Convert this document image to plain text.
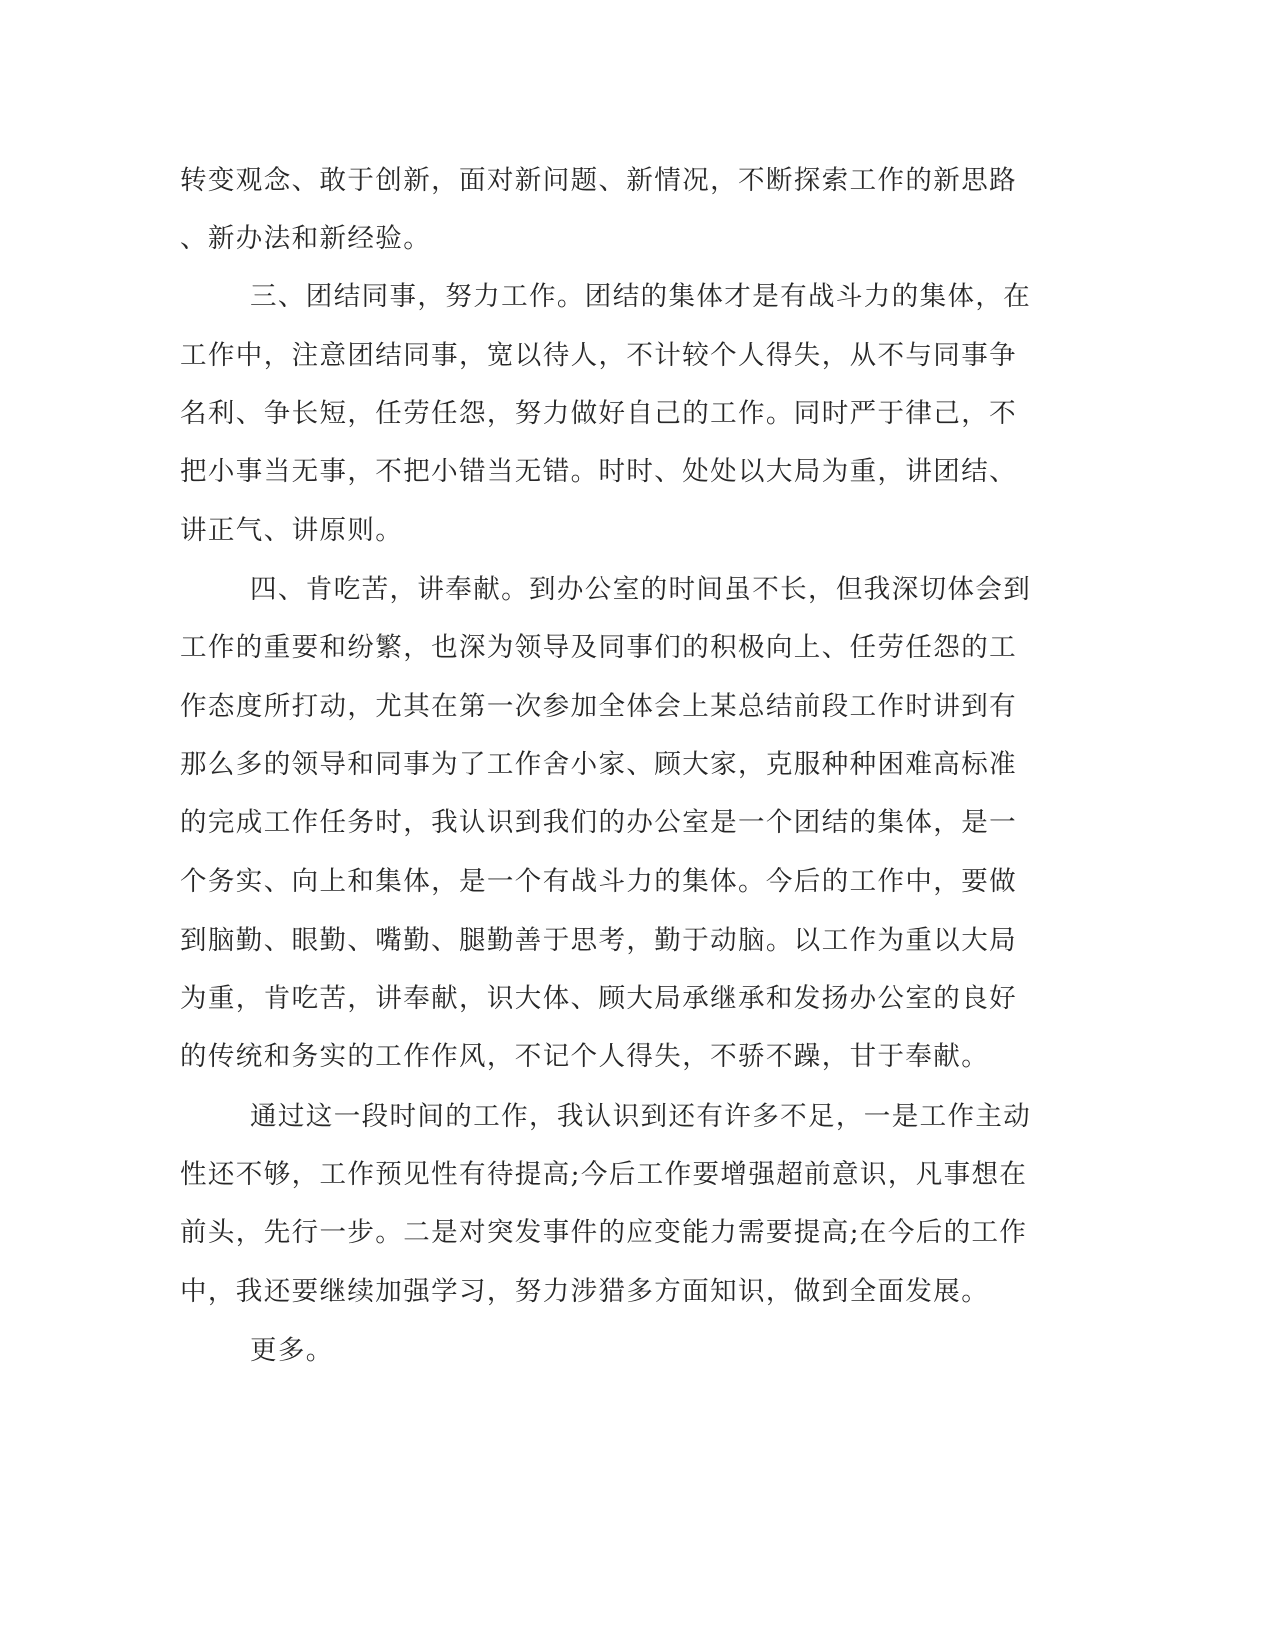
转变观念、敢于创新，面对新问题、新情况，不断探索工作的新思路

、新办法和新经验。

三、团结同事，努力工作。团结的集体才是有战斗力的集体，在

工作中，注意团结同事，宽以待人，不计较个人得失，从不与同事争

名利、争长短，任劳任怨，努力做好自己的工作。同时严于律己，不

把小事当无事，不把小错当无错。时时、处处以大局为重，讲团结、

讲正气、讲原则。

四、肯吃苦，讲奉献。到办公室的时间虽不长，但我深切体会到

工作的重要和纷繁，也深为领导及同事们的积极向上、任劳任怨的工

作态度所打动，尤其在第一次参加全体会上某总结前段工作时讲到有

那么多的领导和同事为了工作舍小家、顾大家，克服种种困难高标准

的完成工作任务时，我认识到我们的办公室是一个团结的集体，是一

个务实、向上和集体，是一个有战斗力的集体。今后的工作中，要做

到脑勤、眼勤、嘴勤、腿勤善于思考，勤于动脑。以工作为重以大局

为重，肯吃苦，讲奉献，识大体、顾大局承继承和发扬办公室的良好

的传统和务实的工作作风，不记个人得失，不骄不躁，甘于奉献。

通过这一段时间的工作，我认识到还有许多不足，一是工作主动

性还不够，工作预见性有待提高;今后工作要增强超前意识，凡事想在

前头，先行一步。二是对突发事件的应变能力需要提高;在今后的工作

中，我还要继续加强学习，努力涉猎多方面知识，做到全面发展。

更多。
